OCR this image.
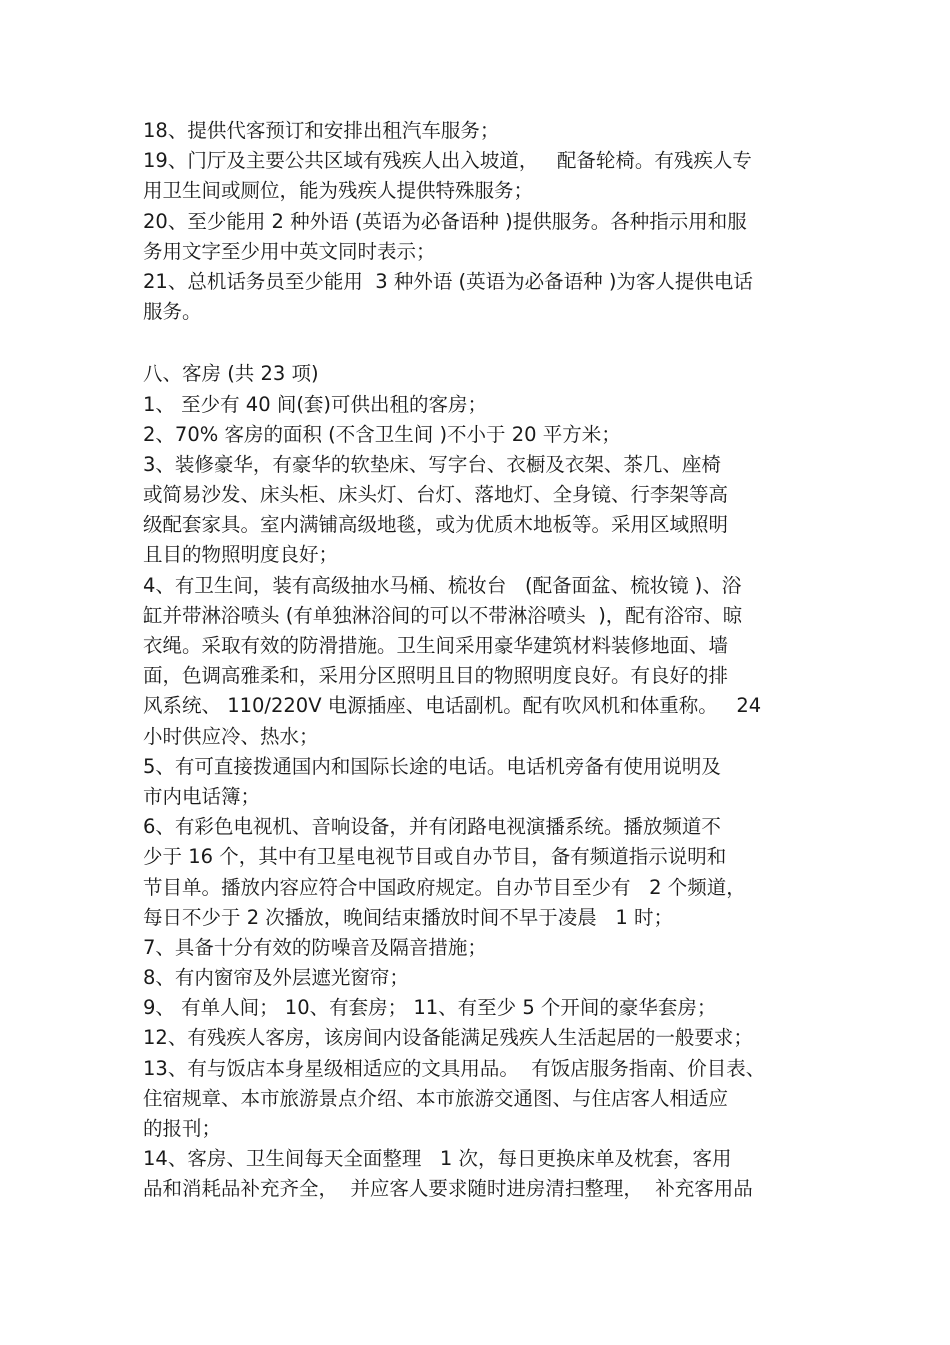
18、提供代客预订和安排出租汽车服务；
19、门厅及主要公共区域有残疾人出入坡道，   配备轮椅。有残疾人专
用卫生间或厕位，能为残疾人提供特殊服务；
20、至少能用 2 种外语 (英语为必备语种 )提供服务。各种指示用和服
务用文字至少用中英文同时表示；
21、总机话务员至少能用  3 种外语 (英语为必备语种 )为客人提供电话
服务。
八、客房 (共 23 项)
1、 至少有 40 间(套)可供出租的客房；
2、70% 客房的面积 (不含卫生间 )不小于 20 平方米；
3、装修豪华，有豪华的软垫床、写字台、衣橱及衣架、茶几、座椅
或简易沙发、床头柜、床头灯、台灯、落地灯、全身镜、行李架等高
级配套家具。室内满铺高级地毯，或为优质木地板等。采用区域照明
且目的物照明度良好；
4、有卫生间，装有高级抽水马桶、梳妆台   (配备面盆、梳妆镜 )、浴
缸并带淋浴喷头 (有单独淋浴间的可以不带淋浴喷头  )，配有浴帘、晾
衣绳。采取有效的防滑措施。卫生间采用豪华建筑材料装修地面、墙
面，色调高雅柔和，采用分区照明且目的物照明度良好。有良好的排
风系统、 110/220V 电源插座、电话副机。配有吹风机和体重称。   24
小时供应冷、热水；
5、有可直接拨通国内和国际长途的电话。电话机旁备有使用说明及
市内电话簿；
6、有彩色电视机、音响设备，并有闭路电视演播系统。播放频道不
少于 16 个，其中有卫星电视节目或自办节目，备有频道指示说明和
节目单。播放内容应符合中国政府规定。自办节目至少有   2 个频道，
每日不少于 2 次播放，晚间结束播放时间不早于凌晨   1 时；
7、具备十分有效的防噪音及隔音措施；
8、有内窗帘及外层遮光窗帘；
9、 有单人间； 10、有套房； 11、有至少 5 个开间的豪华套房；
12、有残疾人客房，该房间内设备能满足残疾人生活起居的一般要求；
13、有与饭店本身星级相适应的文具用品。  有饭店服务指南、价目表、
住宿规章、本市旅游景点介绍、本市旅游交通图、与住店客人相适应
的报刊；
14、客房、卫生间每天全面整理   1 次，每日更换床单及枕套，客用
品和消耗品补充齐全，  并应客人要求随时进房清扫整理，  补充客用品
